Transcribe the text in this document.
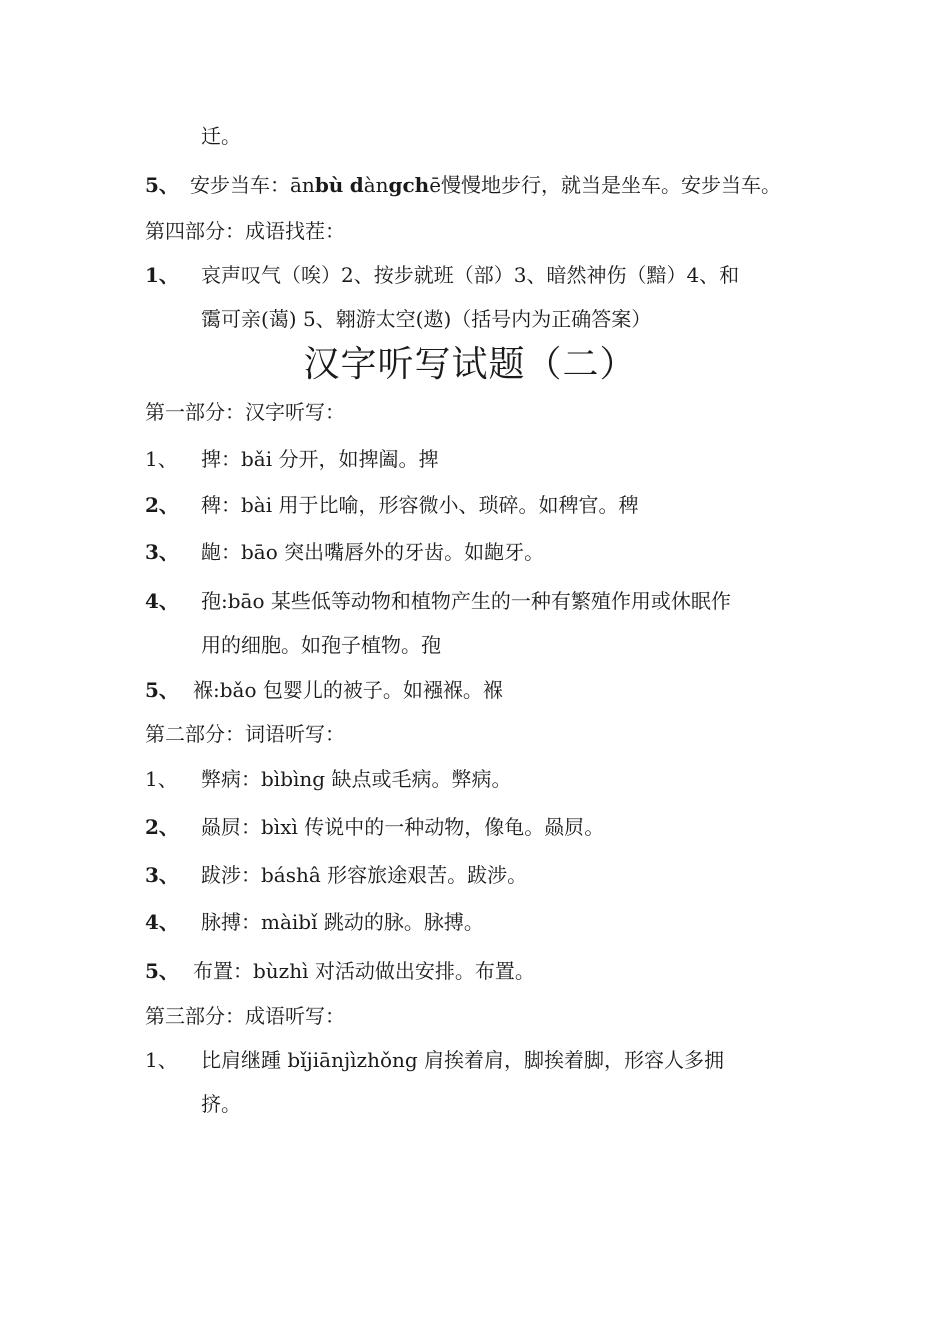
迁。
5、 安步当车：ānbù dàngchē慢慢地步行，就当是坐车。安步当车。
第四部分：成语找茬：
1、 哀声叹气（唉）2、按步就班（部）3、暗然神伤（黯）4、和
霭可亲(蔼) 5、翱游太空(遨)（括号内为正确答案）
汉字听写试题（二）
第一部分：汉字听写：
1、 捭：bǎi 分开，如捭阖。捭
2、 稗：bài 用于比喻，形容微小、琐碎。如稗官。稗
3、 龅：bāo 突出嘴唇外的牙齿。如龅牙。
4、 孢:bāo 某些低等动物和植物产生的一种有繁殖作用或休眠作
用的细胞。如孢子植物。孢
5、 褓:bǎo 包婴儿的被子。如襁褓。褓
第二部分：词语听写：
1、 弊病：bìbìng 缺点或毛病。弊病。
2、 赑屃：bìxì 传说中的一种动物，像龟。赑屃。
3、 跋涉：báshâ 形容旅途艰苦。跋涉。
4、 脉搏：màibǐ 跳动的脉。脉搏。
5、 布置：bùzhì 对活动做出安排。布置。
第三部分：成语听写：
1、 比肩继踵 bǐjiānjìzhǒng 肩挨着肩，脚挨着脚，形容人多拥
挤。
